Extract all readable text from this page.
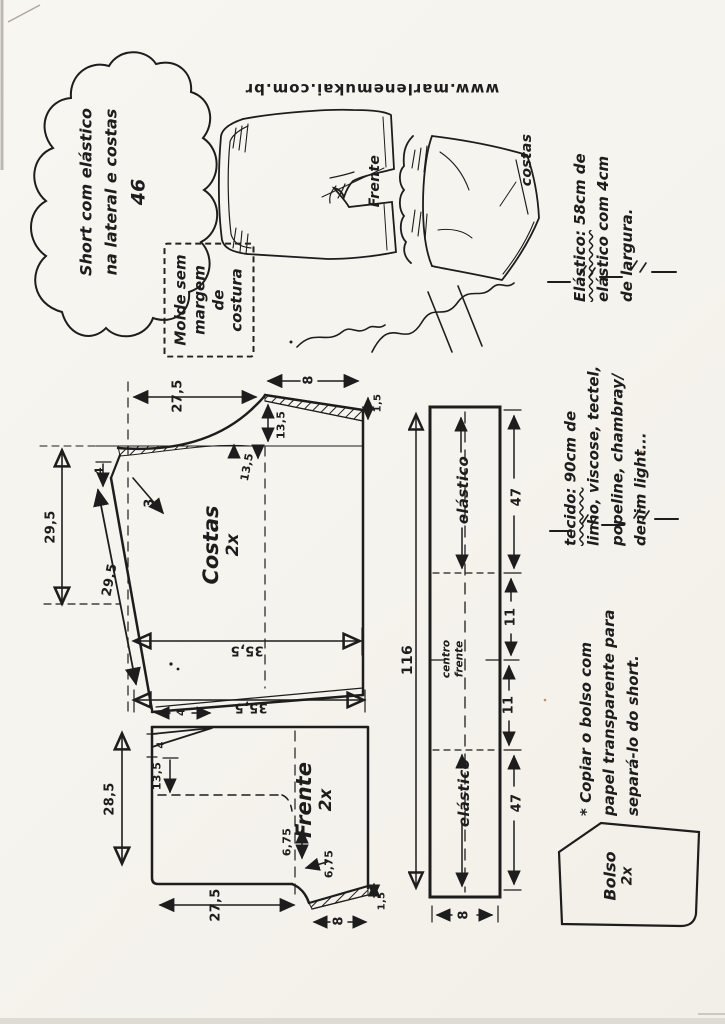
Short com elástico na lateral e costas 46
Molde sem margem de costura
www.marlenemukai.com.br
Frente	costas
Elástico: 58cm de elástico com 4cm de largura.
tecido: 90cm de linho, viscose, tectel, popeline, chambray/ denim light...
* Copiar o bolso com papel transparente para separá-lo do short.
Costas 2x
Frente 2x
Bolso 2x
elástico
elástico
centro frente
27,5	8
1,5
13,5
13,5
4
3
29,5
29,5
35,5
35,5
4
4
13,5
28,5
6,75
6,75
27,5	8
1,5
116
47
11
11
47
8
